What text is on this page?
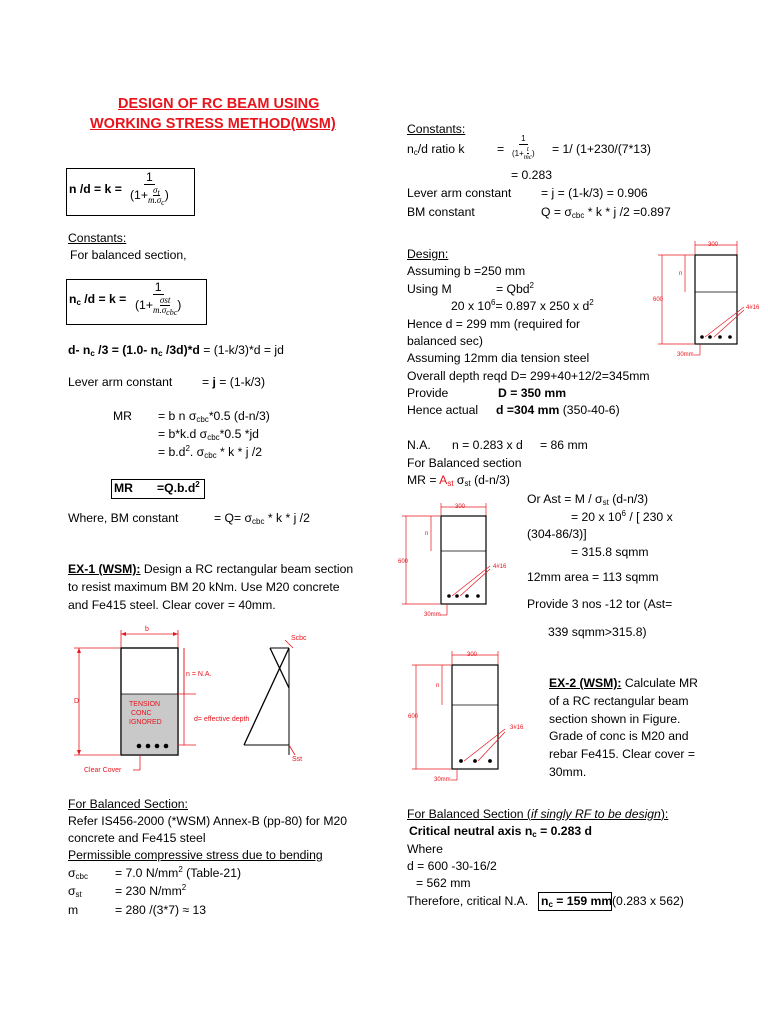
DESIGN OF RC BEAM USING
WORKING STRESS METHOD(WSM)
n $/d = k = \frac{1}{(1+ \frac{\sigma_t}{m.\sigma_c} )}$
Constants:
For balanced section,
$n_c$ /d = k =
1
(1+ σst
$m.\sigma_{cbc}$
)
d- $n_c$ /3 = (1.0- $n_c$ /3d)*d = (1-k/3)*d = jd
Lever arm constant = j = (1-k/3)
MR = b n $\sigma_{cbc}*0.5$ (d-n/3)
= b*k.d $\sigma_{cbc}*0.5$ *jd
= $b.d^2$. $\sigma_{cbc}$ * k * j /2
MR $=Q.b.d^2$
Where, BM constant	= $Q= \sigma_{cbc} * k * j$ /2
EX-1 (WSM): Design a RC rectangular beam section
to resist maximum BM 20 kNm. Use M20 concrete
and Fe415 steel. Clear cover = 40mm.
b
D
n = N.A.
TENSION
CONC
IGNORED	d= effective depth
Clear Cover
Scbc
Sst
For Balanced Section:
Refer IS456-2000 (*WSM) Annex-B (pp-80) for M20
concrete and Fe415 steel
Permissible compressive stress due to bending
$\sigma_{cbc} = 7.0$ $N/mm^2$ (Table-21)
$\sigma_{st}$	= 230 $N/mm^2$
m	= 280 /(3*7) ≈ 13
Constants:
$n_c/d$ ratio k	= $\frac{1}{(1+ \frac{t}{mc} )} = 1/$ (1+230/(7*13)
= 0.283
Lever arm constant = j = (1-k/3) = 0.906
BM constant	$Q = \sigma_{cbc} * k * j$ /2 =0.897
Design:
Assuming b =250 mm
Using M	= Qbd$^2$
20 x $10^6= 0.897$ x 250 x $d^2$
Hence d = 299 mm (required for
balanced sec)
Assuming 12mm dia tension steel
Overall depth reqd D= 299+40+12/2=345mm
Provide	D = 350 mm
Hence actual d =304 mm (350-40-6)
300
600
n
4#16
30mm
N.A. n = 0.283 x d = 86 mm
For Balanced section
MR = $A_{st}$ $\sigma_{st}$ (d-n/3)
Or Ast = M / $\sigma_{st}$ (d-n/3)
= 20 x $10^6$ / [ 230 x
(304-86/3)]
= 315.8 sqmm
12mm area = 113 sqmm
Provide 3 nos -12 tor (Ast=
339 sqmm>315.8)
300
600
n
4#16
30mm
300
600
n
3#16
30mm
EX-2 (WSM): Calculate MR
of a RC rectangular beam
section shown in Figure.
Grade of conc is M20 and
rebar Fe415. Clear cover =
30mm.
For Balanced Section (if singly RF to be design):
Critical neutral axis $n_c = 0.283$ d
Where
d = 600 -30-16/2
= 562 mm
Therefore, critical N.A. $n_c = 159$ mm (0.283 x 562)
